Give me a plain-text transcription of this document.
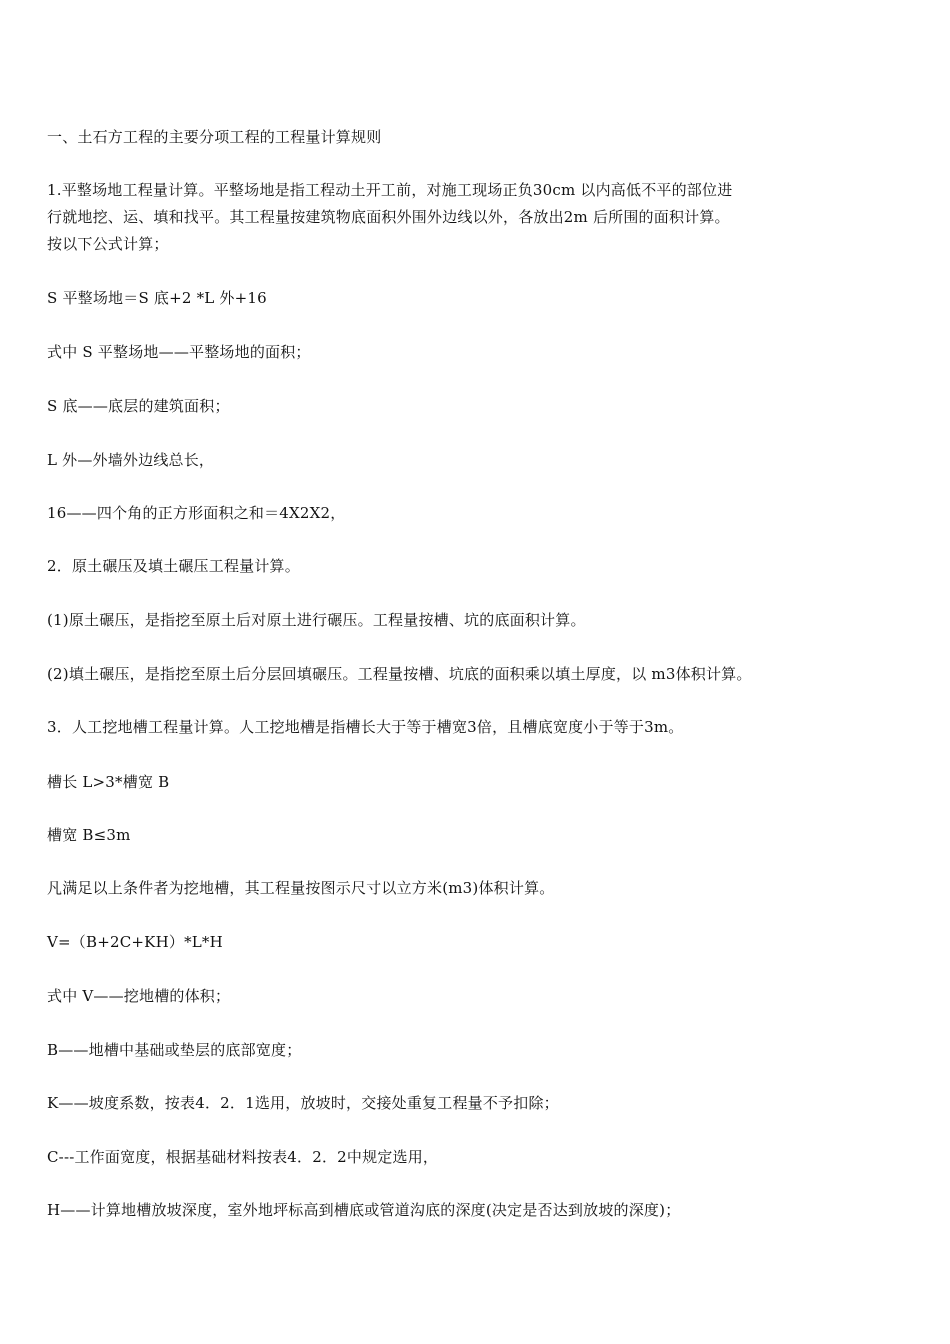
一、土石方工程的主要分项工程的工程量计算规则
1.平整场地工程量计算。平整场地是指工程动土开工前，对施工现场正负30cm 以内高低不平的部位进
行就地挖、运、填和找平。其工程量按建筑物底面积外围外边线以外，各放出2m 后所围的面积计算。
按以下公式计算；
S 平整场地＝S 底+2 *L 外+16
式中 S 平整场地——平整场地的面积；
S 底——底层的建筑面积；
L 外—外墙外边线总长，
16——四个角的正方形面积之和＝4X2X2，
2．原土碾压及填土碾压工程量计算。
(1)原土碾压，是指挖至原土后对原土进行碾压。工程量按槽、坑的底面积计算。
(2)填土碾压，是指挖至原土后分层回填碾压。工程量按槽、坑底的面积乘以填土厚度，以 m3体积计算。
3．人工挖地槽工程量计算。人工挖地槽是指槽长大于等于槽宽3倍，且槽底宽度小于等于3m。
槽长 L>3*槽宽 B
槽宽 B≤3m
凡满足以上条件者为挖地槽，其工程量按图示尺寸以立方米(m3)体积计算。
V=（B+2C+KH）*L*H
式中 V——挖地槽的体积；
B——地槽中基础或垫层的底部宽度；
K——坡度系数，按表4．2．1选用，放坡时，交接处重复工程量不予扣除；
C---工作面宽度，根据基础材料按表4．2．2中规定选用，
H——计算地槽放坡深度，室外地坪标高到槽底或管道沟底的深度(决定是否达到放坡的深度)；
